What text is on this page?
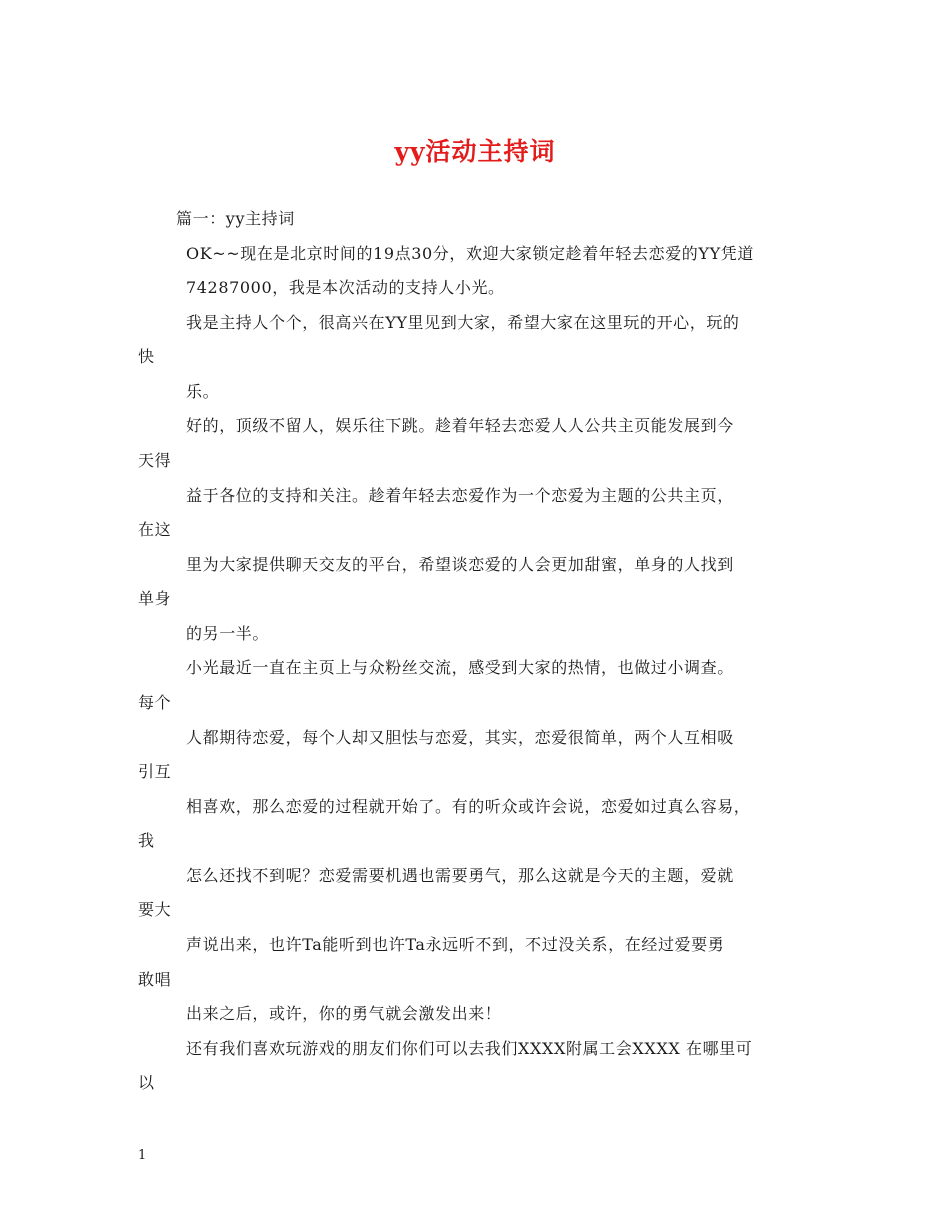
yy活动主持词
篇一：yy主持词
OK~~现在是北京时间的19点30分，欢迎大家锁定趁着年轻去恋爱的YY凭道
74287000，我是本次活动的支持人小光。
我是主持人个个，很高兴在YY里见到大家，希望大家在这里玩的开心，玩的
快
乐。
好的，顶级不留人，娱乐往下跳。趁着年轻去恋爱人人公共主页能发展到今
天得
益于各位的支持和关注。趁着年轻去恋爱作为一个恋爱为主题的公共主页，
在这
里为大家提供聊天交友的平台，希望谈恋爱的人会更加甜蜜，单身的人找到
单身
的另一半。
小光最近一直在主页上与众粉丝交流，感受到大家的热情，也做过小调查。
每个
人都期待恋爱，每个人却又胆怯与恋爱，其实，恋爱很简单，两个人互相吸
引互
相喜欢，那么恋爱的过程就开始了。有的听众或许会说，恋爱如过真么容易，
我
怎么还找不到呢？恋爱需要机遇也需要勇气，那么这就是今天的主题，爱就
要大
声说出来，也许Ta能听到也许Ta永远听不到，不过没关系，在经过爱要勇
敢唱
出来之后，或许，你的勇气就会激发出来！
还有我们喜欢玩游戏的朋友们你们可以去我们XXXX附属工会XXXX 在哪里可
以
1
